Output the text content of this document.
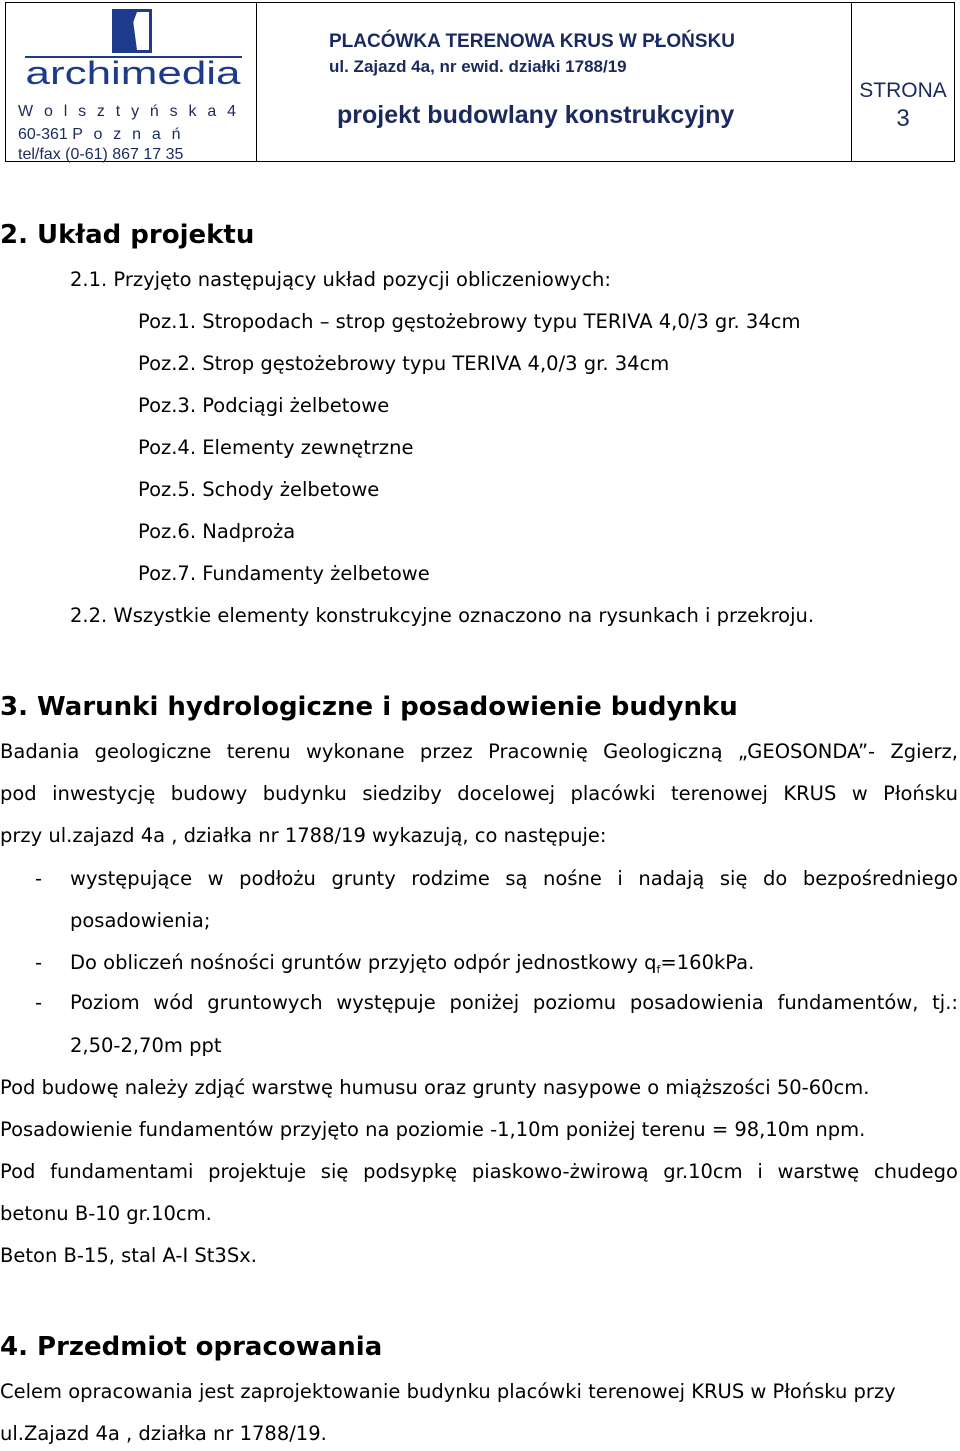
archimedia
W o l s z t y ń s k a 4
60-361 P o z n a ń
tel/fax (0-61) 867 17 35
PLACÓWKA TERENOWA KRUS W PŁOŃSKU
ul. Zajazd 4a, nr ewid. działki 1788/19
projekt budowlany konstrukcyjny
STRONA
3
2. Układ projektu
2.1. Przyjęto następujący układ pozycji obliczeniowych:
Poz.1. Stropodach – strop gęstożebrowy typu TERIVA 4,0/3 gr. 34cm
Poz.2. Strop gęstożebrowy typu TERIVA 4,0/3 gr. 34cm
Poz.3. Podciągi żelbetowe
Poz.4. Elementy zewnętrzne
Poz.5. Schody żelbetowe
Poz.6. Nadproża
Poz.7. Fundamenty żelbetowe
2.2. Wszystkie elementy konstrukcyjne oznaczono na rysunkach i przekroju.
3. Warunki hydrologiczne i posadowienie budynku
Badania geologiczne terenu wykonane przez Pracownię Geologiczną „GEOSONDA”- Zgierz,
pod inwestycję budowy budynku siedziby docelowej placówki terenowej KRUS w Płońsku
przy ul.zajazd 4a , działka nr 1788/19 wykazują, co następuje:
- występujące w podłożu grunty rodzime są nośne i nadają się do bezpośredniego
posadowienia;
- Do obliczeń nośności gruntów przyjęto odpór jednostkowy $q_f=160kPa$.
- Poziom wód gruntowych występuje poniżej poziomu posadowienia fundamentów, tj.:
2,50-2,70m ppt
Pod budowę należy zdjąć warstwę humusu oraz grunty nasypowe o miąższości 50-60cm.
Posadowienie fundamentów przyjęto na poziomie -1,10m poniżej terenu = 98,10m npm.
Pod fundamentami projektuje się podsypkę piaskowo-żwirową gr.10cm i warstwę chudego
betonu B-10 gr.10cm.
Beton B-15, stal A-I St3Sx.
4. Przedmiot opracowania
Celem opracowania jest zaprojektowanie budynku placówki terenowej KRUS w Płońsku przy
ul.Zajazd 4a , działka nr 1788/19.
